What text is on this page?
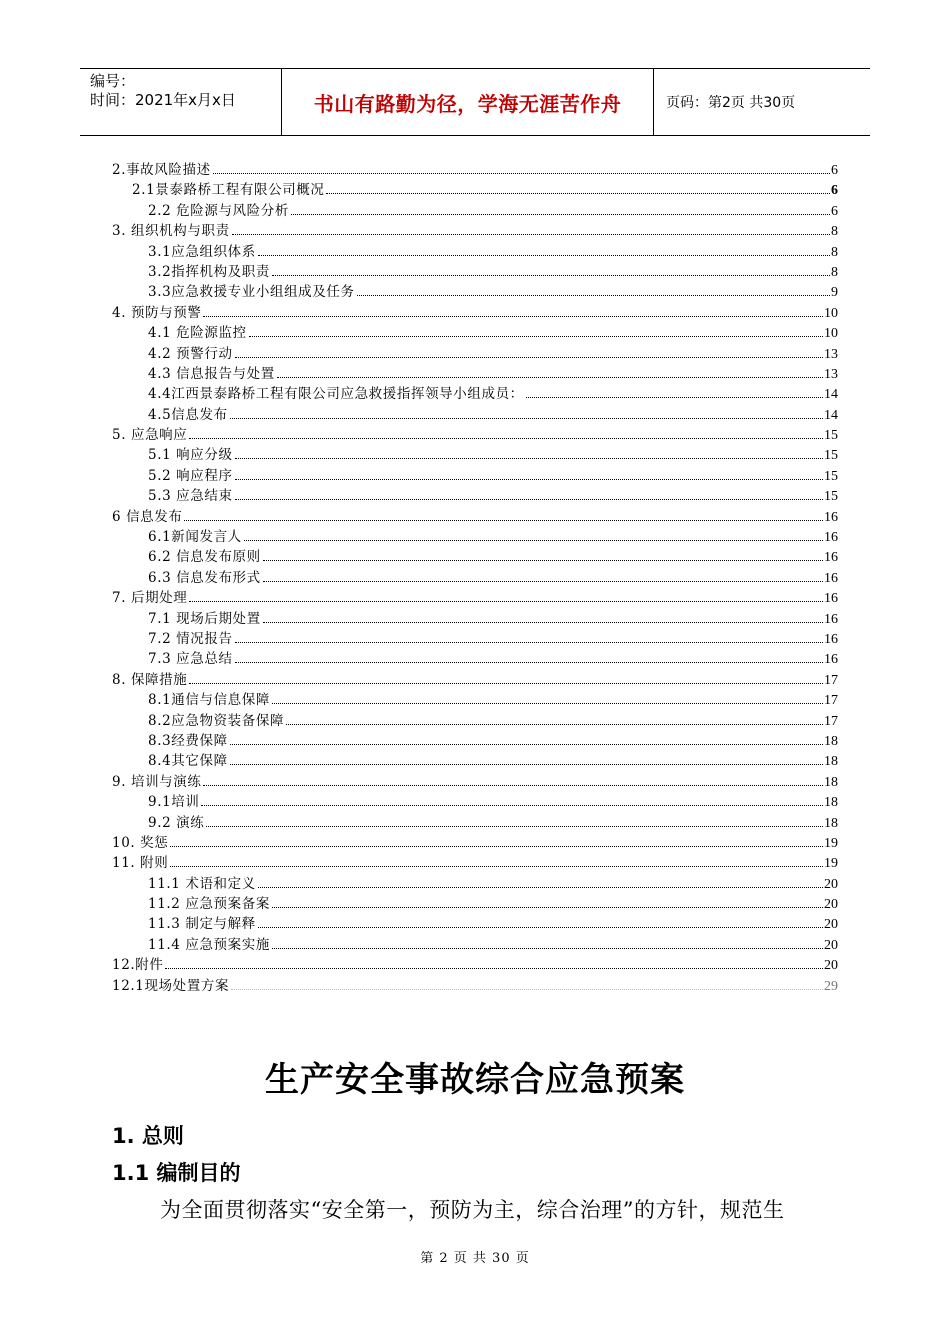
编号：
时间：2021年x月x日	书山有路勤为径，学海无涯苦作舟	页码：第2页 共30页
2.事故风险描述	6
2.1景泰路桥工程有限公司概况	6
2.2 危险源与风险分析	6
3. 组织机构与职责	8
3.1应急组织体系	8
3.2指挥机构及职责	8
3.3应急救援专业小组组成及任务	9
4. 预防与预警	10
4.1 危险源监控	10
4.2 预警行动	13
4.3 信息报告与处置	13
4.4江西景泰路桥工程有限公司应急救援指挥领导小组成员：	14
4.5信息发布	14
5. 应急响应	15
5.1 响应分级	15
5.2 响应程序	15
5.3 应急结束	15
6 信息发布	16
6.1新闻发言人	16
6.2 信息发布原则	16
6.3 信息发布形式	16
7. 后期处理	16
7.1 现场后期处置	16
7.2 情况报告	16
7.3 应急总结	16
8. 保障措施	17
8.1通信与信息保障	17
8.2应急物资装备保障	17
8.3经费保障	18
8.4其它保障	18
9. 培训与演练	18
9.1培训	18
9.2 演练	18
10. 奖惩	19
11. 附则	19
11.1 术语和定义	20
11.2 应急预案备案	20
11.3 制定与解释	20
11.4 应急预案实施	20
12.附件	20
12.1现场处置方案	29
生产安全事故综合应急预案
1. 总则
1.1 编制目的
为全面贯彻落实“安全第一，预防为主，综合治理”的方针，规范生
第 2 页 共 30 页
